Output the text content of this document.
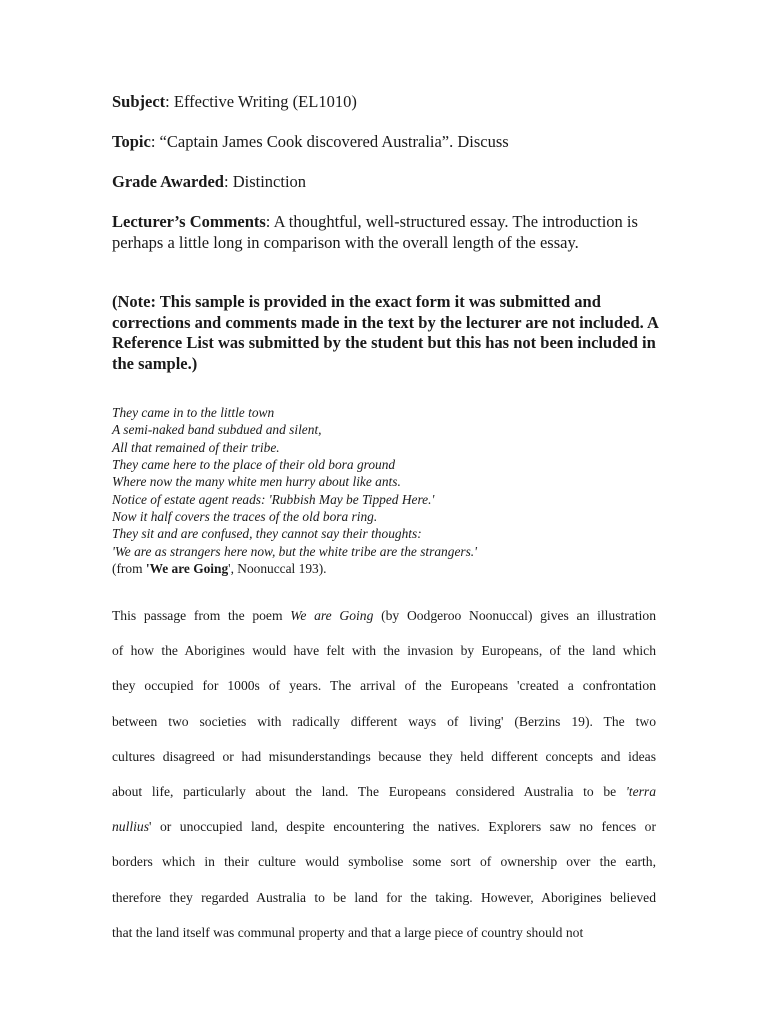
Subject: Effective Writing (EL1010)
Topic: “Captain James Cook discovered Australia”. Discuss
Grade Awarded: Distinction
Lecturer’s Comments: A thoughtful, well-structured essay. The introduction is perhaps a little long in comparison with the overall length of the essay.
(Note: This sample is provided in the exact form it was submitted and corrections and comments made in the text by the lecturer are not included. A Reference List was submitted by the student but this has not been included in the sample.)
They came in to the little town
A semi-naked band subdued and silent,
All that remained of their tribe.
They came here to the place of their old bora ground
Where now the many white men hurry about like ants.
Notice of estate agent reads: 'Rubbish May be Tipped Here.'
Now it half covers the traces of the old bora ring.
They sit and are confused, they cannot say their thoughts:
'We are as strangers here now, but the white tribe are the strangers.'
(from 'We are Going', Noonuccal 193).
This passage from the poem We are Going (by Oodgeroo Noonuccal) gives an illustration
of how the Aborigines would have felt with the invasion by Europeans, of the land which
they occupied for 1000s of years. The arrival of the Europeans 'created a confrontation
between two societies with radically different ways of living' (Berzins 19). The two
cultures disagreed or had misunderstandings because they held different concepts and ideas
about life, particularly about the land. The Europeans considered Australia to be 'terra
nullius' or unoccupied land, despite encountering the natives. Explorers saw no fences or
borders which in their culture would symbolise some sort of ownership over the earth,
therefore they regarded Australia to be land for the taking. However, Aborigines believed
that the land itself was communal property and that a large piece of country should not
